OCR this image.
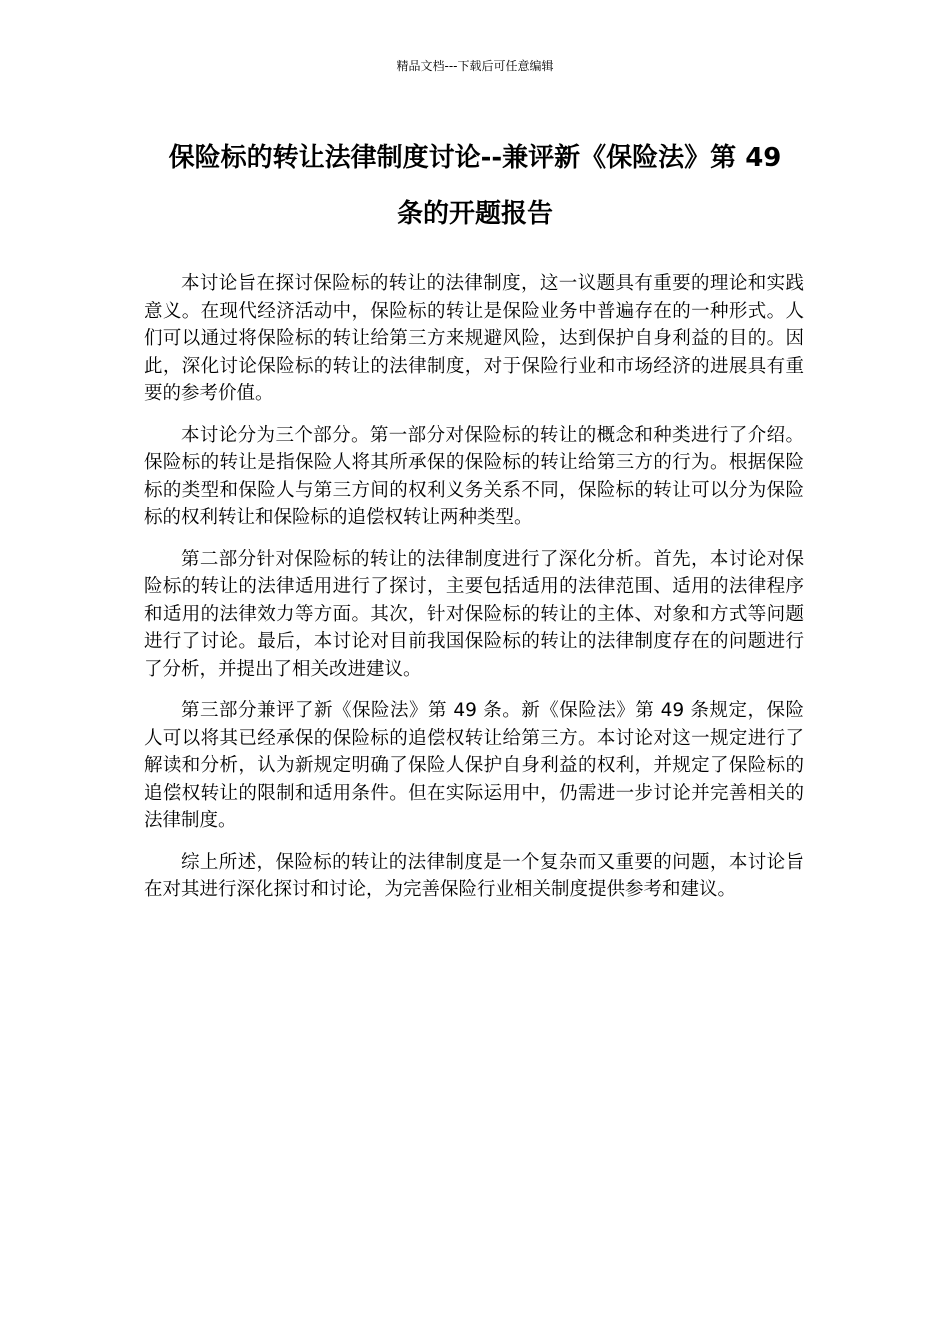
精品文档---下载后可任意编辑
保险标的转让法律制度讨论--兼评新《保险法》第 49
条的开题报告

本讨论旨在探讨保险标的转让的法律制度，这一议题具有重要的理论和实践意义。在现代经济活动中，保险标的转让是保险业务中普遍存在的一种形式。人们可以通过将保险标的转让给第三方来规避风险，达到保护自身利益的目的。因此，深化讨论保险标的转让的法律制度，对于保险行业和市场经济的进展具有重要的参考价值。

本讨论分为三个部分。第一部分对保险标的转让的概念和种类进行了介绍。保险标的转让是指保险人将其所承保的保险标的转让给第三方的行为。根据保险标的类型和保险人与第三方间的权利义务关系不同，保险标的转让可以分为保险标的权利转让和保险标的追偿权转让两种类型。

第二部分针对保险标的转让的法律制度进行了深化分析。首先，本讨论对保险标的转让的法律适用进行了探讨，主要包括适用的法律范围、适用的法律程序和适用的法律效力等方面。其次，针对保险标的转让的主体、对象和方式等问题进行了讨论。最后，本讨论对目前我国保险标的转让的法律制度存在的问题进行了分析，并提出了相关改进建议。

第三部分兼评了新《保险法》第 49 条。新《保险法》第 49 条规定，保险人可以将其已经承保的保险标的追偿权转让给第三方。本讨论对这一规定进行了解读和分析，认为新规定明确了保险人保护自身利益的权利，并规定了保险标的追偿权转让的限制和适用条件。但在实际运用中，仍需进一步讨论并完善相关的法律制度。

综上所述，保险标的转让的法律制度是一个复杂而又重要的问题，本讨论旨在对其进行深化探讨和讨论，为完善保险行业相关制度提供参考和建议。
